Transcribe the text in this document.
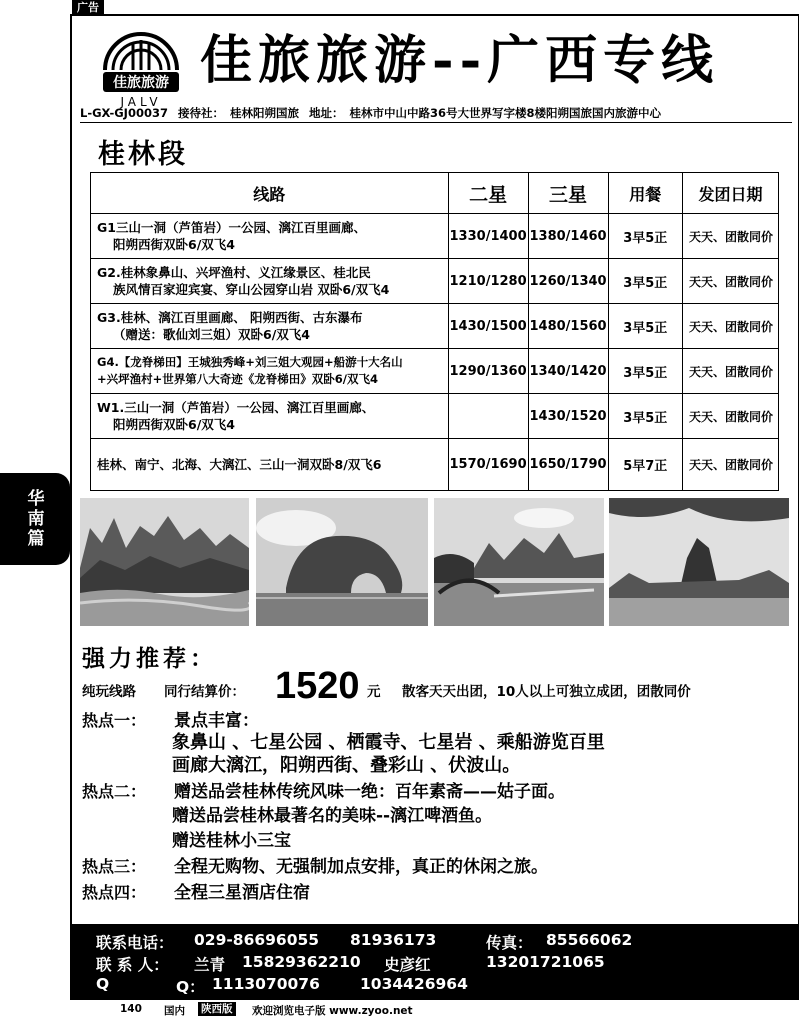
广告
佳旅旅游
JALV
佳旅旅游--广西专线
L-GX-GJ00037 接待社： 桂林阳朔国旅 地址： 桂林市中山中路36号大世界写字楼8楼阳朔国旅国内旅游中心
桂林段
线路	二星	三星	用餐	发团日期

G1三山一洞（芦笛岩）一公园、漓江百里画廊、
阳朔西街双卧6/双飞4	1330/1400	1380/1460	3早5正	天天、团散同价

G2.桂林象鼻山、兴坪渔村、义江缘景区、桂北民
族风情百家迎宾宴、穿山公园穿山岩 双卧6/双飞4	1210/1280	1260/1340	3早5正	天天、团散同价

G3.桂林、漓江百里画廊、 阳朔西街、古东瀑布
（赠送：歌仙刘三姐）双卧6/双飞4	1430/1500	1480/1560	3早5正	天天、团散同价

G4.【龙脊梯田】王城独秀峰+刘三姐大观园+船游十大名山
+兴坪渔村+世界第八大奇迹《龙脊梯田》双卧6/双飞4	1290/1360	1340/1420	3早5正	天天、团散同价

W1.三山一洞（芦笛岩）一公园、漓江百里画廊、
阳朔西街双卧6/双飞4		1430/1520	3早5正	天天、团散同价

桂林、南宁、北海、大漓江、三山一洞双卧8/双飞6	1570/1690	1650/1790	5早7正	天天、团散同价
华
南
篇
强力推荐：
纯玩线路 同行结算价： 1520 元 散客天天出团，10人以上可独立成团，团散同价
热点一： 景点丰富：
象鼻山 、七星公园 、栖霞寺、七星岩 、乘船游览百里
画廊大漓江，阳朔西街、叠彩山 、伏波山。
热点二： 赠送品尝桂林传统风味一绝：百年素斋——姑子面。
赠送品尝桂林最著名的美味--漓江啤酒鱼。
赠送桂林小三宝
热点三： 全程无购物、无强制加点安排，真正的休闲之旅。
热点四： 全程三星酒店住宿
联系电话： 029-86696055 81936173	传真： 85566062
联 系 人： 兰青 15829362210 史彦红	13201721065
Q	Q： 1113070076	1034426964
140 国内 陕西版 欢迎浏览电子版 www.zyoo.net
